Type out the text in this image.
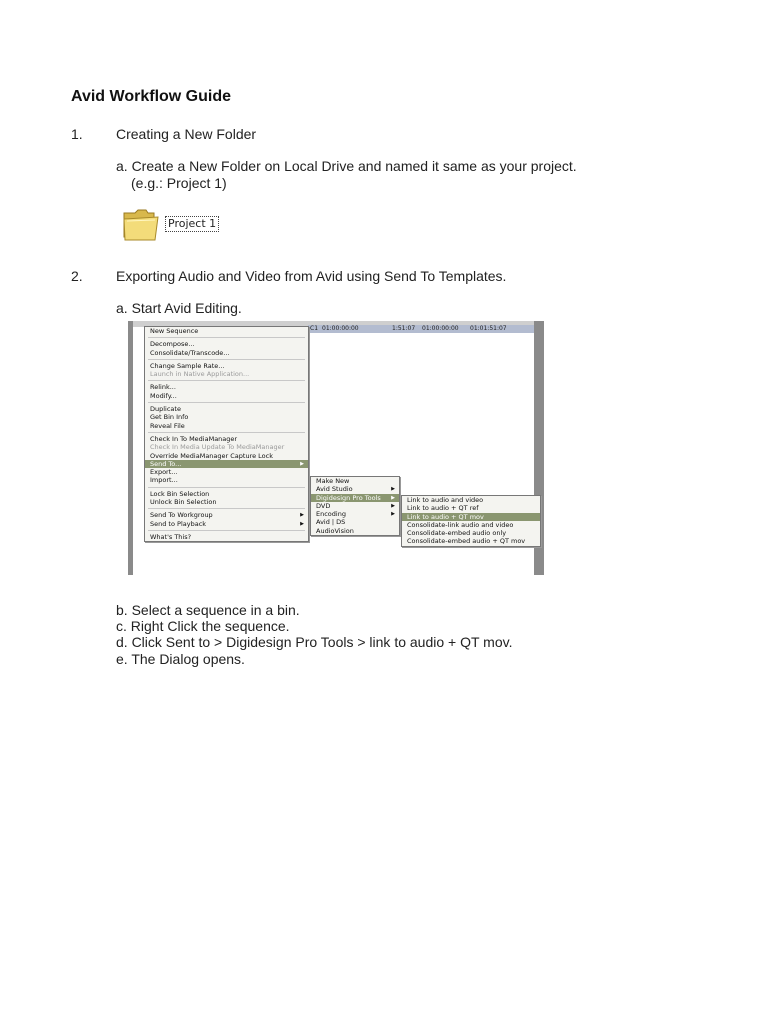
Avid Workflow Guide
1. Creating a New Folder
a. Create a New Folder on Local Drive and named it same as your project.
(e.g.: Project 1)
Project 1
2. Exporting Audio and Video from Avid using Send To Templates.
a. Start Avid Editing.
C1 01:00:00:00	1:51:07 01:00:00:00 01:01:51:07
New Sequence
Decompose...
Consolidate/Transcode...
Change Sample Rate...
Launch in Native Application...
Relink...
Modify...
Duplicate
Get Bin Info
Reveal File
Check In To MediaManager
Check In Media Update To MediaManager
Override MediaManager Capture Lock
Send To...	▶
Export...
Import...
Lock Bin Selection
Unlock Bin Selection
Send To Workgroup	▶
Send to Playback	▶
What's This?
Make New
Avid Studio	▶
Digidesign Pro Tools ▶
DVD	▶
Encoding	▶
Avid | DS
AudioVision
Link to audio and video
Link to audio + QT ref
Link to audio + QT mov
Consolidate-link audio and video
Consolidate-embed audio only
Consolidate-embed audio + QT mov
b. Select a sequence in a bin.
c. Right Click the sequence.
d. Click Sent to > Digidesign Pro Tools > link to audio + QT mov.
e. The Dialog opens.
